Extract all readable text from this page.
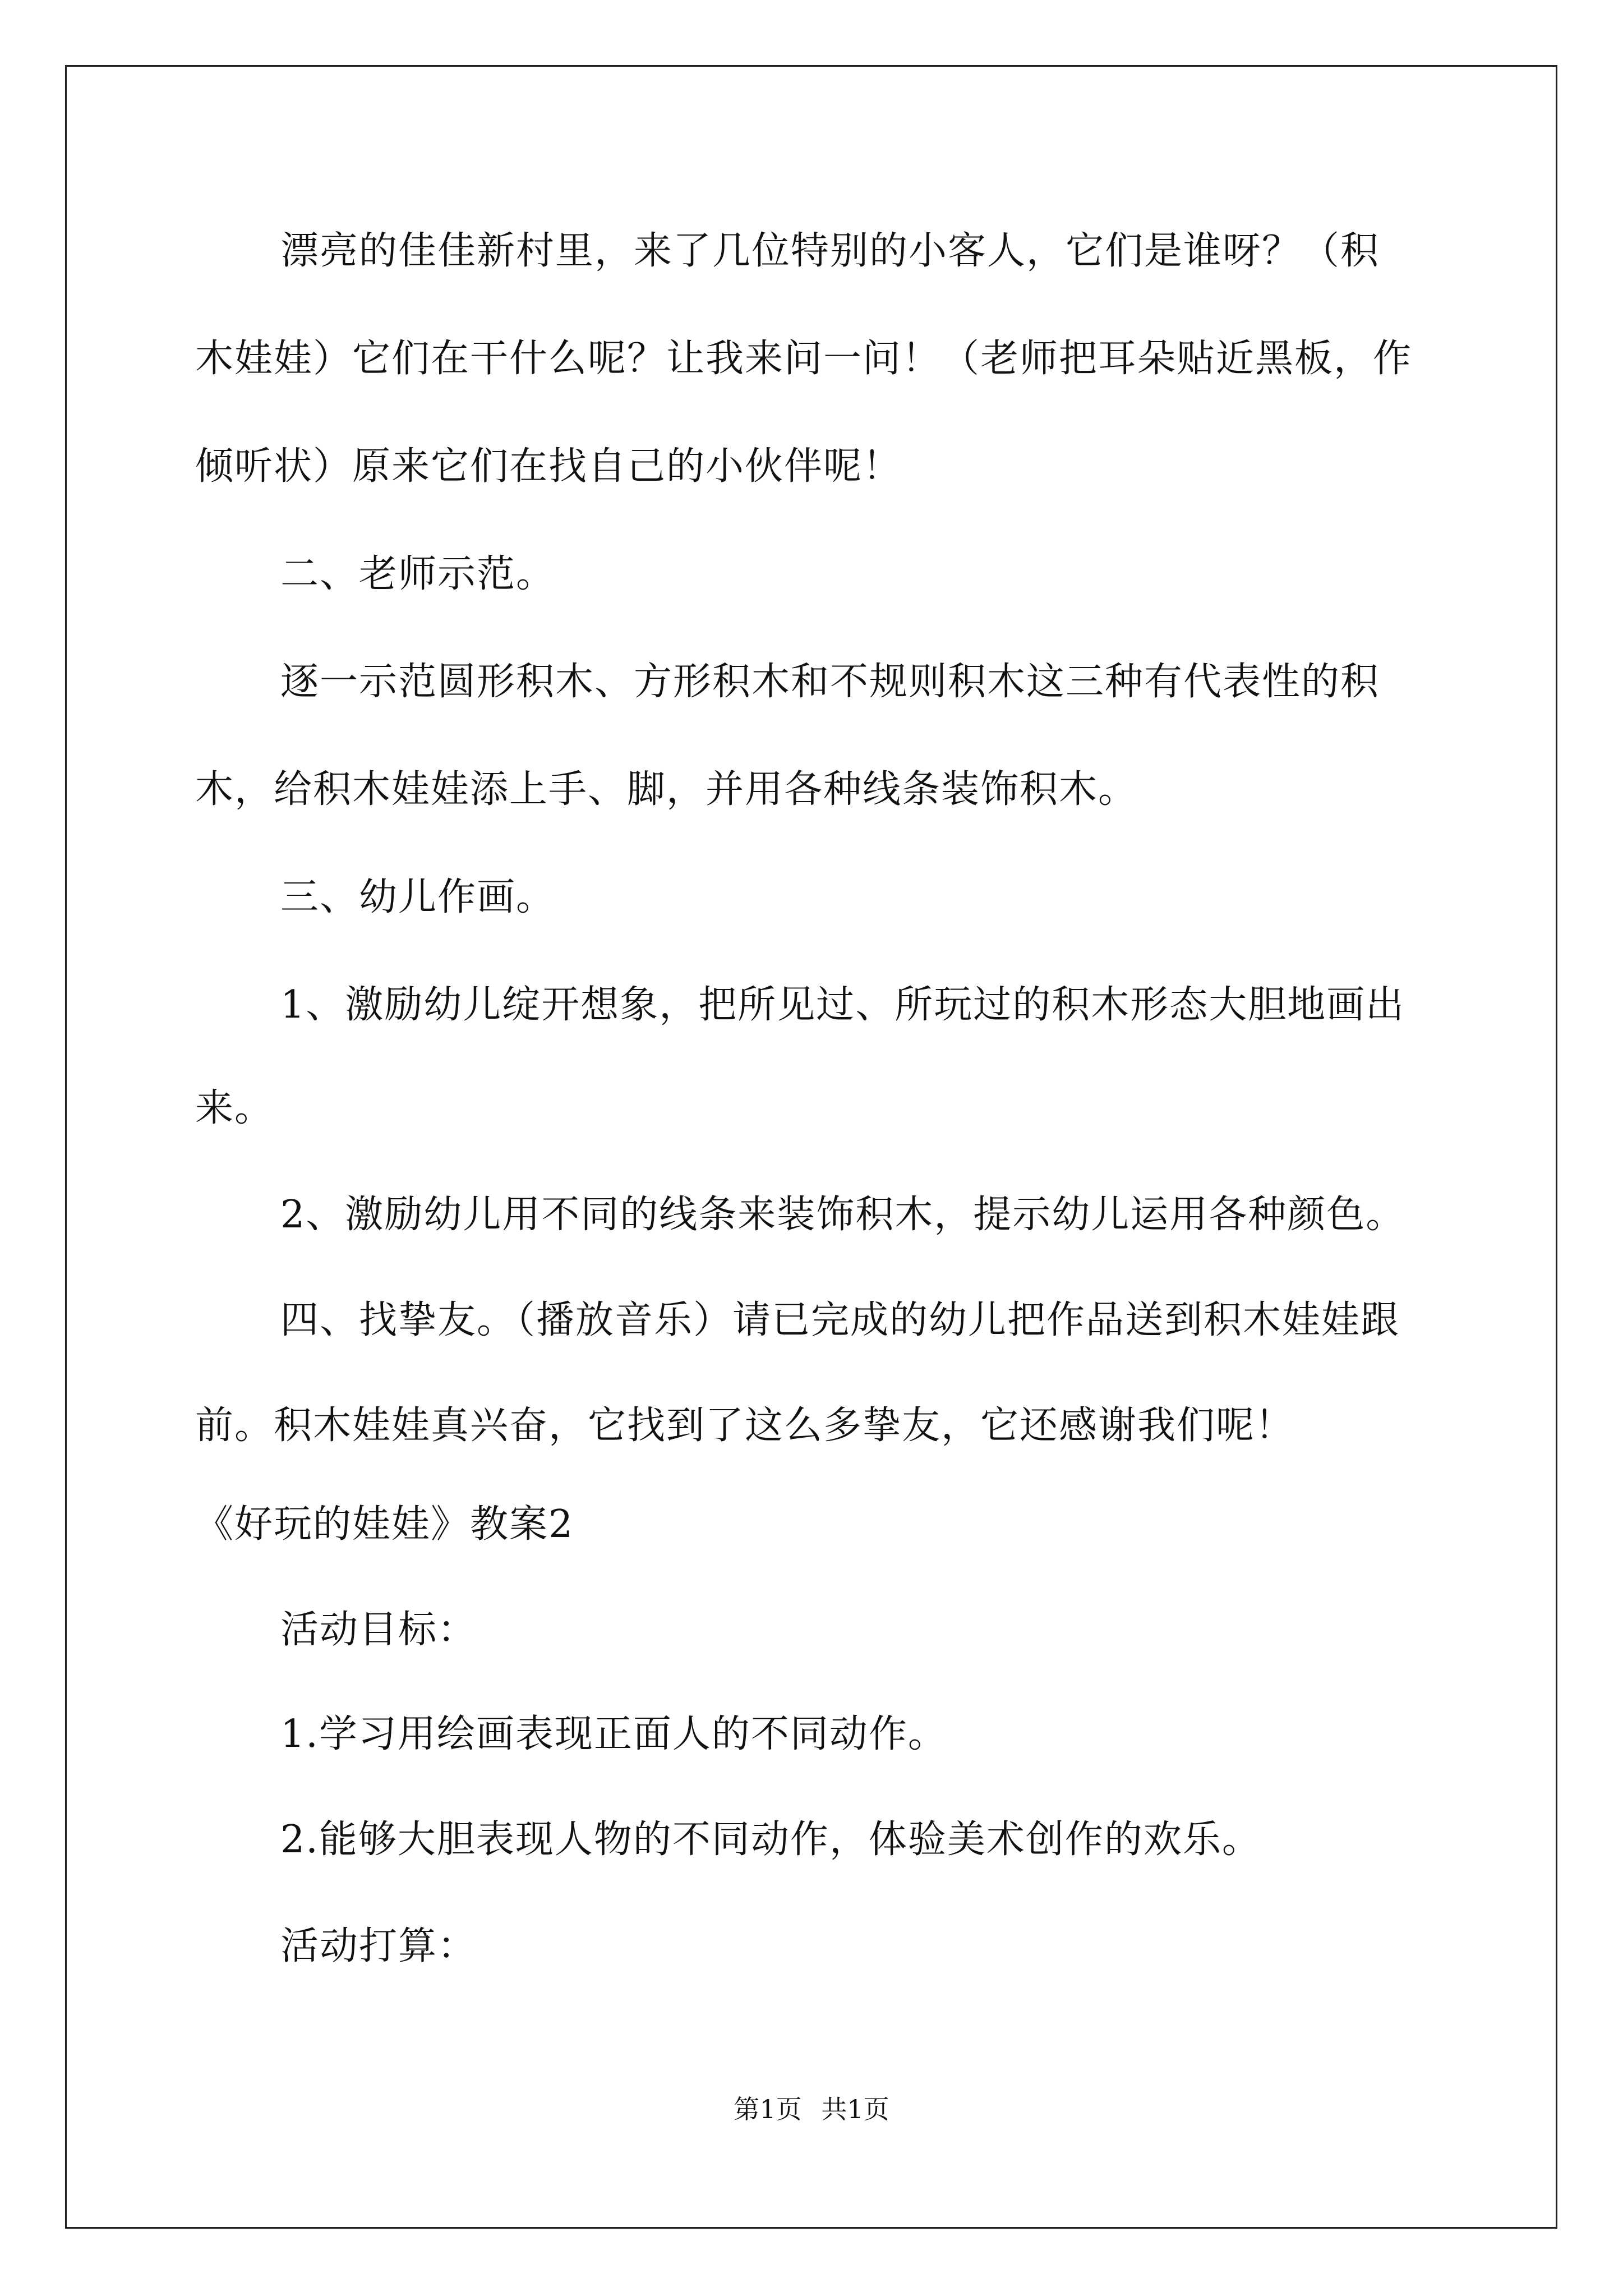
漂亮的佳佳新村里，来了几位特别的小客人，它们是谁呀？（积
木娃娃）它们在干什么呢？让我来问一问！（老师把耳朵贴近黑板，作
倾听状）原来它们在找自己的小伙伴呢！
二、老师示范。
逐一示范圆形积木、方形积木和不规则积木这三种有代表性的积
木，给积木娃娃添上手、脚，并用各种线条装饰积木。
三、幼儿作画。
1、激励幼儿绽开想象，把所见过、所玩过的积木形态大胆地画出
来。
2、激励幼儿用不同的线条来装饰积木，提示幼儿运用各种颜色。
四、找挚友。（播放音乐）请已完成的幼儿把作品送到积木娃娃跟
前。积木娃娃真兴奋，它找到了这么多挚友，它还感谢我们呢！
《好玩的娃娃》教案2
活动目标：
1.学习用绘画表现正面人的不同动作。
2.能够大胆表现人物的不同动作，体验美术创作的欢乐。
活动打算：
第1页 共1页
